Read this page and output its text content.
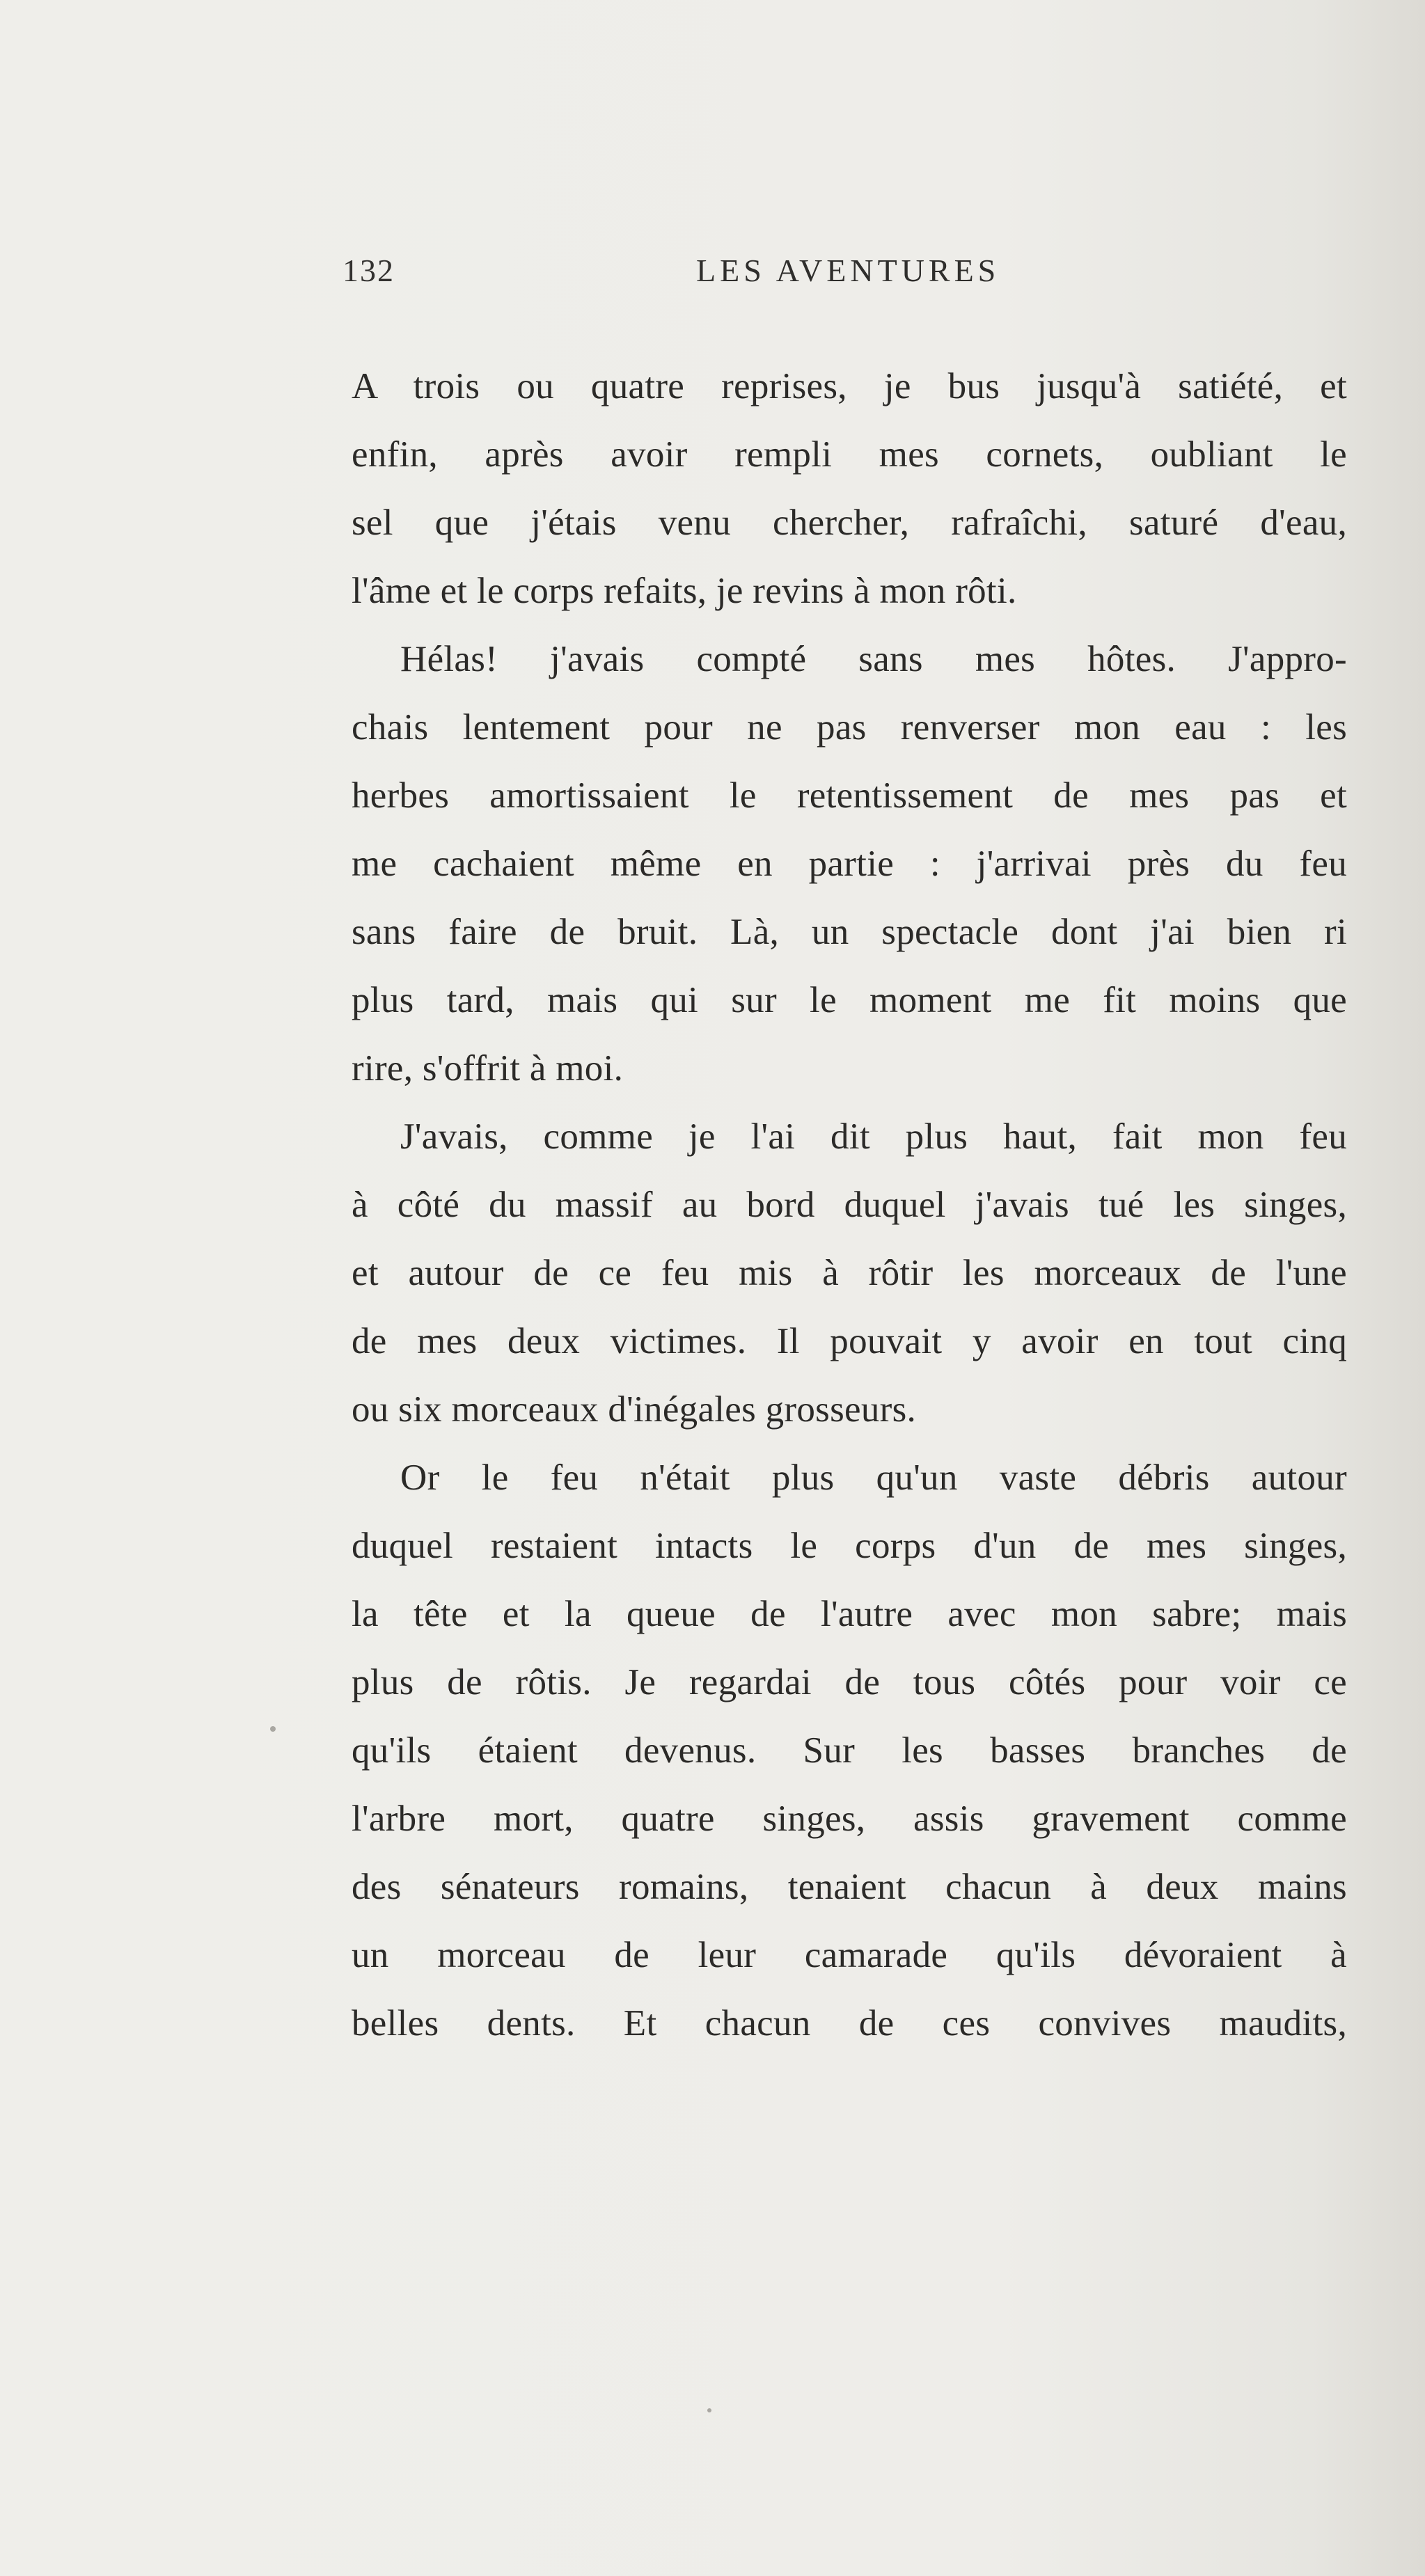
132	LES AVENTURES
A trois ou quatre reprises, je bus jusqu'à satiété, et
enfin, après avoir rempli mes cornets, oubliant le
sel que j'étais venu chercher, rafraîchi, saturé d'eau,
l'âme et le corps refaits, je revins à mon rôti.
Hélas! j'avais compté sans mes hôtes. J'appro-
chais lentement pour ne pas renverser mon eau : les
herbes amortissaient le retentissement de mes pas et
me cachaient même en partie : j'arrivai près du feu
sans faire de bruit. Là, un spectacle dont j'ai bien ri
plus tard, mais qui sur le moment me fit moins que
rire, s'offrit à moi.
J'avais, comme je l'ai dit plus haut, fait mon feu
à côté du massif au bord duquel j'avais tué les singes,
et autour de ce feu mis à rôtir les morceaux de l'une
de mes deux victimes. Il pouvait y avoir en tout cinq
ou six morceaux d'inégales grosseurs.
Or le feu n'était plus qu'un vaste débris autour
duquel restaient intacts le corps d'un de mes singes,
la tête et la queue de l'autre avec mon sabre; mais
plus de rôtis. Je regardai de tous côtés pour voir ce
qu'ils étaient devenus. Sur les basses branches de
l'arbre mort, quatre singes, assis gravement comme
des sénateurs romains, tenaient chacun à deux mains
un morceau de leur camarade qu'ils dévoraient à
belles dents. Et chacun de ces convives maudits,
